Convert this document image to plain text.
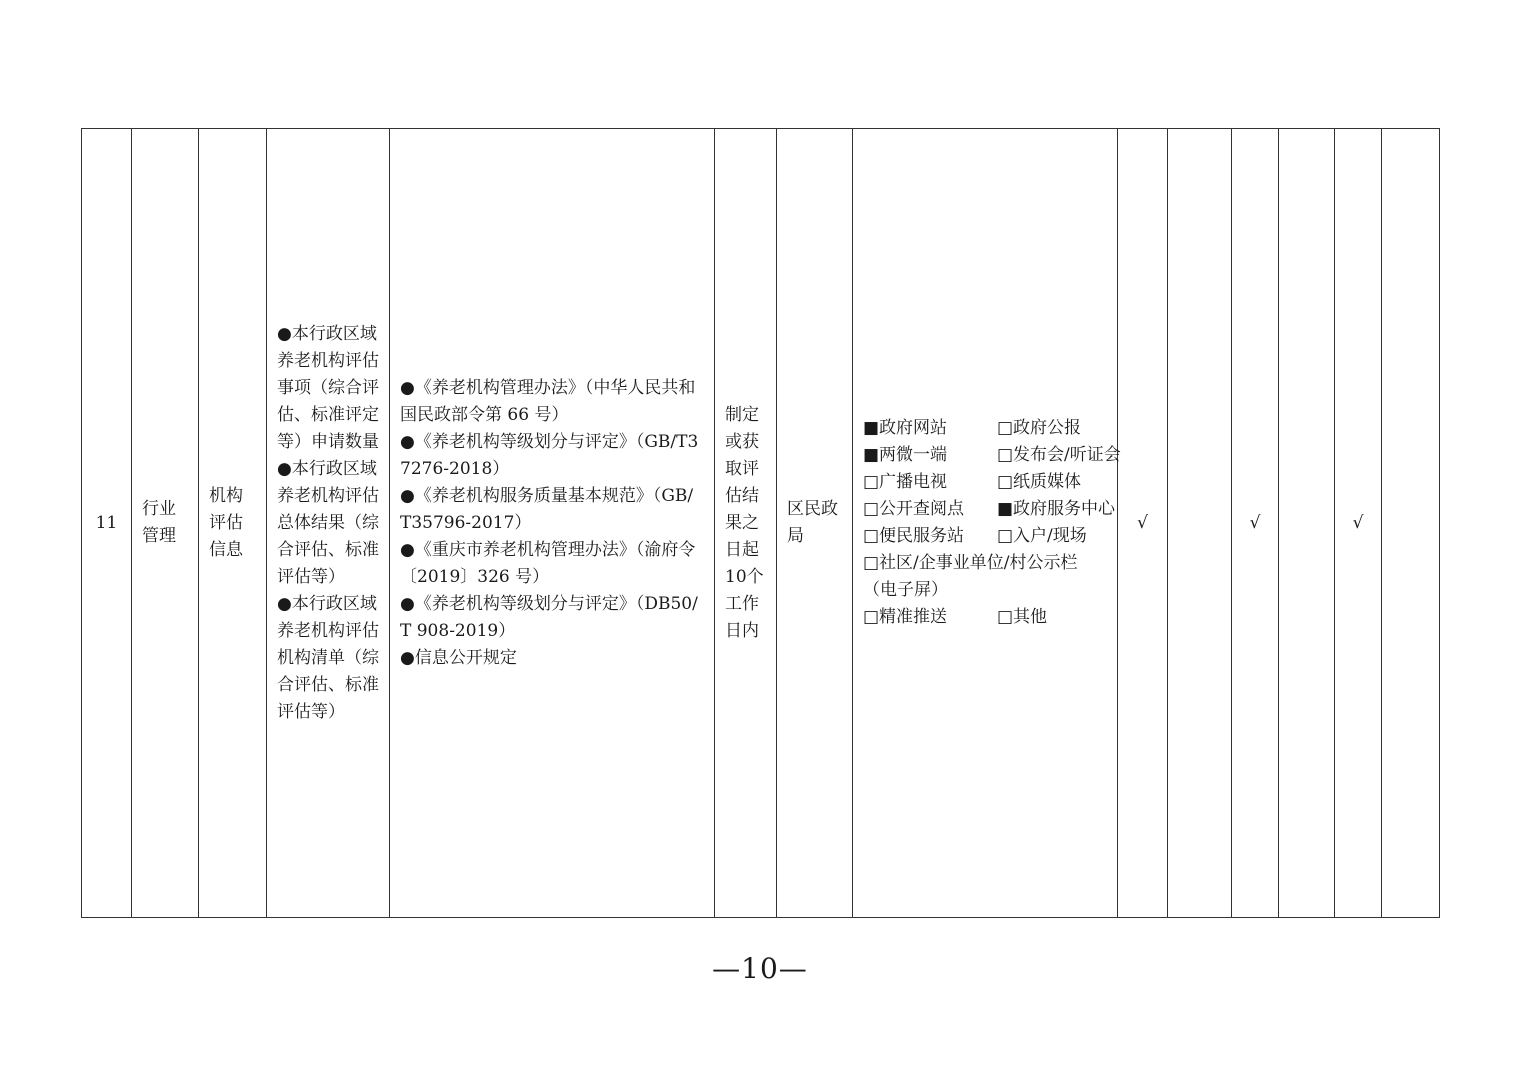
11	行业管理	机构评估信息	
●本行政区域养老机构评估事项（综合评估、标准评定等）申请数量
●本行政区域养老机构评估总体结果（综合评估、标准评估等）
●本行政区域养老机构评估机构清单（综合评估、标准评估等）

●《养老机构管理办法》（中华人民共和国民政部令第 66 号）
●《养老机构等级划分与评定》（GB/T37276-2018）
●《养老机构服务质量基本规范》（GB/T35796-2017）
●《重庆市养老机构管理办法》（渝府令〔2019〕326 号）
●《养老机构等级划分与评定》（DB50/T 908-2019）
●信息公开规定
	制定或获取评估结果之日起10个工作日内	区民政局	
■政府网站	□政府公报
■两微一端	□发布会/听证会
□广播电视	□纸质媒体
□公开查阅点 ■政府服务中心
□便民服务站 □入户/现场
□社区/企事业单位/村公示栏
（电子屏）
□精准推送	□其他
	√		√		√	
—10—
